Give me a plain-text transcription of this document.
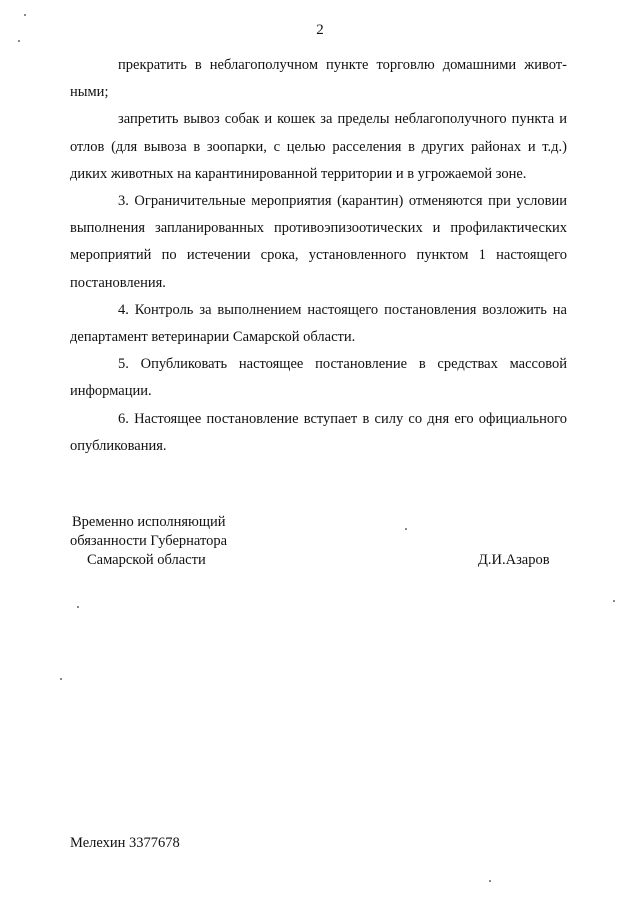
2

прекратить в неблагополучном пункте торговлю домашними животными;

запретить вывоз собак и кошек за пределы неблагополучного пункта и отлов (для вывоза в зоопарки, с целью расселения в других районах и т.д.) диких животных на карантинированной территории и в угрожаемой зоне.

3. Ограничительные мероприятия (карантин) отменяются при условии выполнения запланированных противоэпизоотических и профилактических мероприятий по истечении срока, установленного пунктом 1 настоящего постановления.

4. Контроль за выполнением настоящего постановления возложить на департамент ветеринарии Самарской области.

5. Опубликовать настоящее постановление в средствах массовой информации.

6. Настоящее постановление вступает в силу со дня его официального опубликования.

Временно исполняющий
обязанности Губернатора
Самарской области	Д.И.Азаров
Мелехин 3377678
